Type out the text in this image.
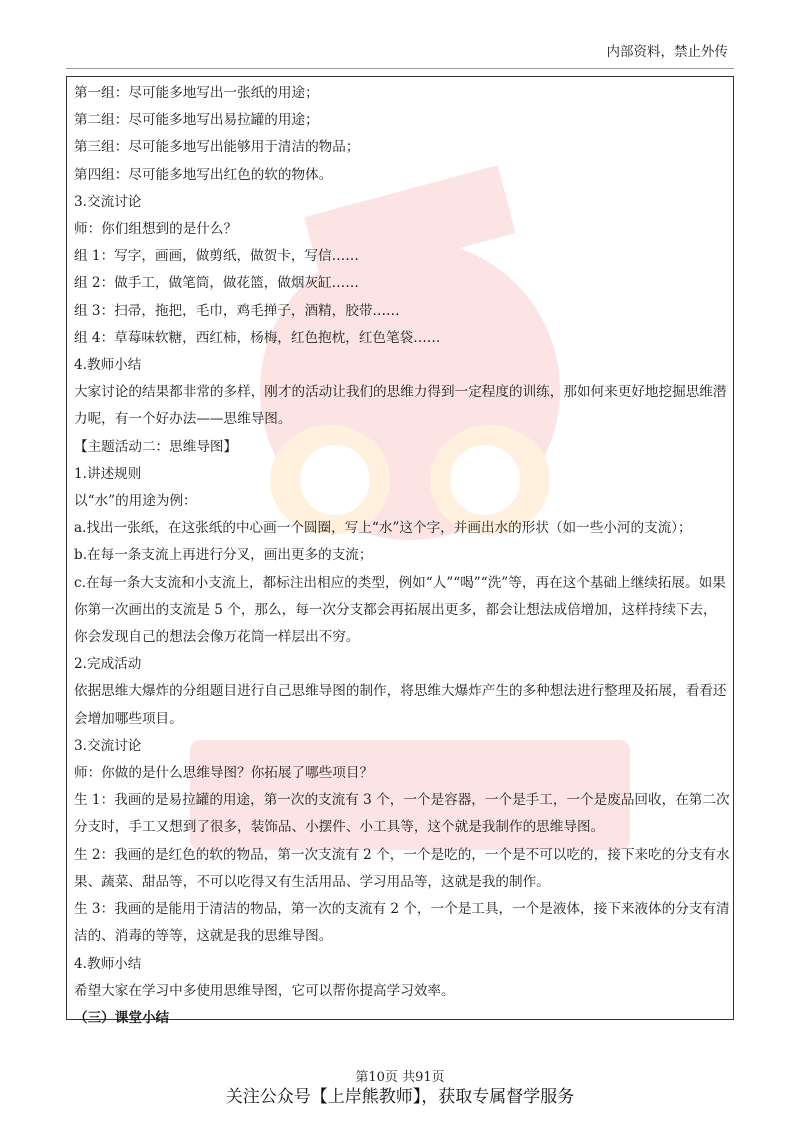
内部资料，禁止外传

第一组：尽可能多地写出一张纸的用途；

第二组：尽可能多地写出易拉罐的用途；

第三组：尽可能多地写出能够用于清洁的物品；

第四组：尽可能多地写出红色的软的物体。

3.交流讨论

师：你们组想到的是什么？

组 1：写字，画画，做剪纸，做贺卡，写信……

组 2：做手工，做笔筒，做花篮，做烟灰缸……

组 3：扫帚，拖把，毛巾，鸡毛掸子，酒精，胶带……

组 4：草莓味软糖，西红柿，杨梅，红色抱枕，红色笔袋……

4.教师小结

大家讨论的结果都非常的多样，刚才的活动让我们的思维力得到一定程度的训练，那如何来更好地挖掘思维潜力呢，有一个好办法——思维导图。

【主题活动二：思维导图】

1.讲述规则

以“水”的用途为例：

a.找出一张纸，在这张纸的中心画一个圆圈，写上“水”这个字，并画出水的形状（如一些小河的支流）；

b.在每一条支流上再进行分叉，画出更多的支流；

c.在每一条大支流和小支流上，都标注出相应的类型，例如“人”“喝”“洗”等，再在这个基础上继续拓展。如果你第一次画出的支流是 5 个，那么，每一次分支都会再拓展出更多，都会让想法成倍增加，这样持续下去，你会发现自己的想法会像万花筒一样层出不穷。

2.完成活动

依据思维大爆炸的分组题目进行自己思维导图的制作，将思维大爆炸产生的多种想法进行整理及拓展，看看还会增加哪些项目。

3.交流讨论

师：你做的是什么思维导图？你拓展了哪些项目？

生 1：我画的是易拉罐的用途，第一次的支流有 3 个，一个是容器，一个是手工，一个是废品回收，在第二次分支时，手工又想到了很多，装饰品、小摆件、小工具等，这个就是我制作的思维导图。

生 2：我画的是红色的软的物品，第一次支流有 2 个，一个是吃的，一个是不可以吃的，接下来吃的分支有水果、蔬菜、甜品等，不可以吃得又有生活用品、学习用品等，这就是我的制作。

生 3：我画的是能用于清洁的物品，第一次的支流有 2 个，一个是工具，一个是液体，接下来液体的分支有清洁的、消毒的等等，这就是我的思维导图。

4.教师小结

希望大家在学习中多使用思维导图，它可以帮你提高学习效率。

（三）课堂小结

第10页 共91页
关注公众号【上岸熊教师】，获取专属督学服务
